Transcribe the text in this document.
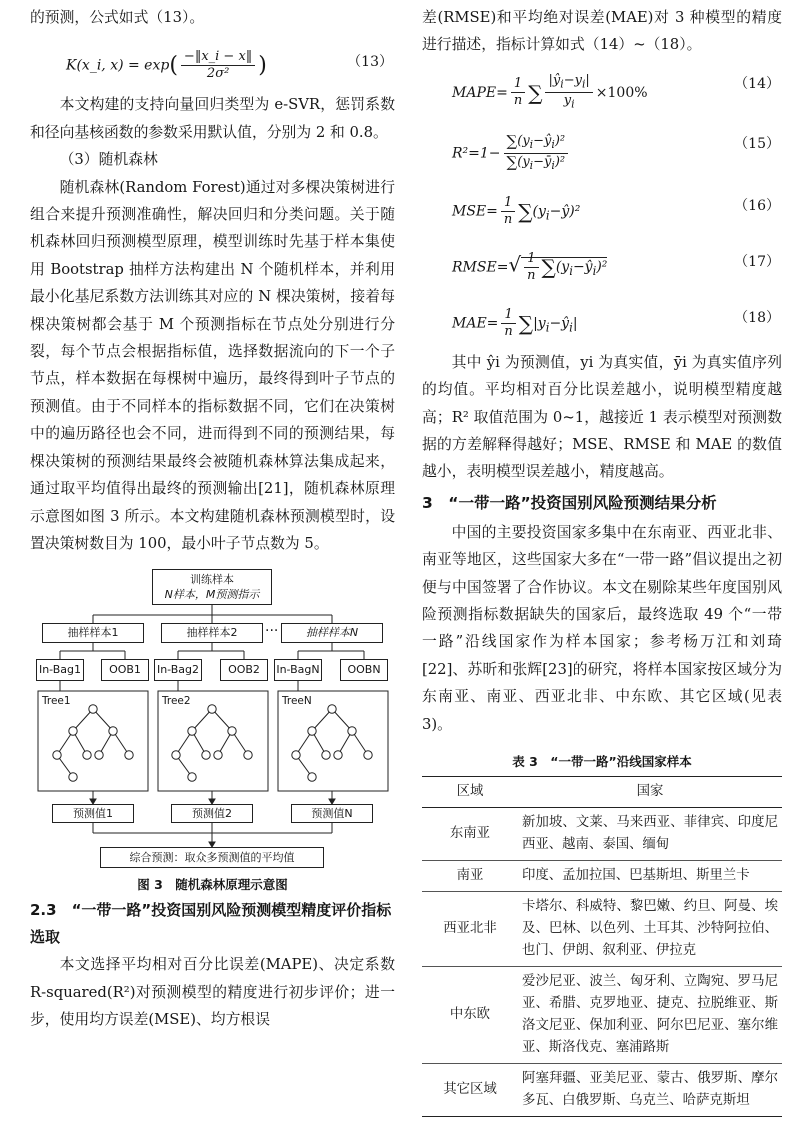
的预测，公式如式（13）。

K(x_i, $x) = \exp( \frac{-‖x\_i - x‖}{\text{2σ²}}$ )	（13）

本文构建的支持向量回归类型为 e-SVR，惩罚系数和径向基核函数的参数采用默认值，分别为 2 和 0.8。

（3）随机森林

随机森林(Random Forest)通过对多棵决策树进行组合来提升预测准确性，解决回归和分类问题。关于随机森林回归预测模型原理，模型训练时先基于样本集使用 Bootstrap 抽样方法构建出 N 个随机样本，并利用最小化基尼系数方法训练其对应的 N 棵决策树，接着每棵决策树都会基于 M 个预测指标在节点处分别进行分裂，每个节点会根据指标值，选择数据流向的下一个子节点，样本数据在每棵树中遍历，最终得到叶子节点的预测值。由于不同样本的指标数据不同，它们在决策树中的遍历路径也会不同，进而得到不同的预测结果，每棵决策树的预测结果最终会被随机森林算法集成起来，通过取平均值得出最终的预测输出[21]，随机森林原理示意图如图 3 所示。本文构建随机森林预测模型时，设置决策树数目为 100，最小叶子节点数为 5。

训练样本
N样本，M预测指示
抽样样本1	抽样样本2	···	抽样样本N
In-Bag1	OOB1	In-Bag2	OOB2	In-BagN	OOBN
Tree1	Tree2	TreeN
预测值1	预测值2	预测值N
综合预测：取众多预测值的平均值

图 3　随机森林原理示意图

2.3　“一带一路”投资国别风险预测模型精度评价指标选取

本文选择平均相对百分比误差(MAPE)、决定系数 R-squared(R²)对预测模型的精度进行初步评价；进一步，使用均方误差(MSE)、均方根误

差(RMSE)和平均绝对误差(MAE)对 3 种模型的精度进行描述，指标计算如式（14）~（18）。

MAPE= $\frac{1}{n}$ ∑ $\frac{|ŷ_i-y_i|}{y_i} \times 100\%$
（14）
$R^2=1- \frac{\sum(y_i-ŷ_i)^2}{\sum(y_i-ȳ_i)^2}$	（15）
$MSE= \frac{1}{n}$ $\sum(y_i-ŷ)^2$	（16）
RMSE=√ $\frac{1}{n}$ $\sum(y_i-ŷ_i)^2$	（17）
$MAE= \frac{1}{n}$ $\sum|y_i-ŷ_i|$	（18）

其中 ŷi 为预测值，yi 为真实值，ȳi 为真实值序列的均值。平均相对百分比误差越小，说明模型精度越高；R² 取值范围为 0~1，越接近 1 表示模型对预测数据的方差解释得越好；MSE、RMSE 和 MAE 的数值越小，表明模型误差越小，精度越高。

3　“一带一路”投资国别风险预测结果分析

中国的主要投资国家多集中在东南亚、西亚北非、南亚等地区，这些国家大多在“一带一路”倡议提出之初便与中国签署了合作协议。本文在剔除某些年度国别风险预测指标数据缺失的国家后，最终选取 49 个“一带一路”沿线国家作为样本国家；参考杨万江和刘琦[22]、苏昕和张辉[23]的研究，将样本国家按区域分为东南亚、南亚、西亚北非、中东欧、其它区域(见表 3)。

表 3　“一带一路”沿线国家样本

区域	国家
东南亚	新加坡、文莱、马来西亚、菲律宾、印度尼西亚、越南、泰国、缅甸
南亚	印度、孟加拉国、巴基斯坦、斯里兰卡
西亚北非	卡塔尔、科威特、黎巴嫩、约旦、阿曼、埃及、巴林、以色列、土耳其、沙特阿拉伯、也门、伊朗、叙利亚、伊拉克
中东欧	爱沙尼亚、波兰、匈牙利、立陶宛、罗马尼亚、希腊、克罗地亚、捷克、拉脱维亚、斯洛文尼亚、保加利亚、阿尔巴尼亚、塞尔维亚、斯洛伐克、塞浦路斯
其它区域	阿塞拜疆、亚美尼亚、蒙古、俄罗斯、摩尔多瓦、白俄罗斯、乌克兰、哈萨克斯坦
